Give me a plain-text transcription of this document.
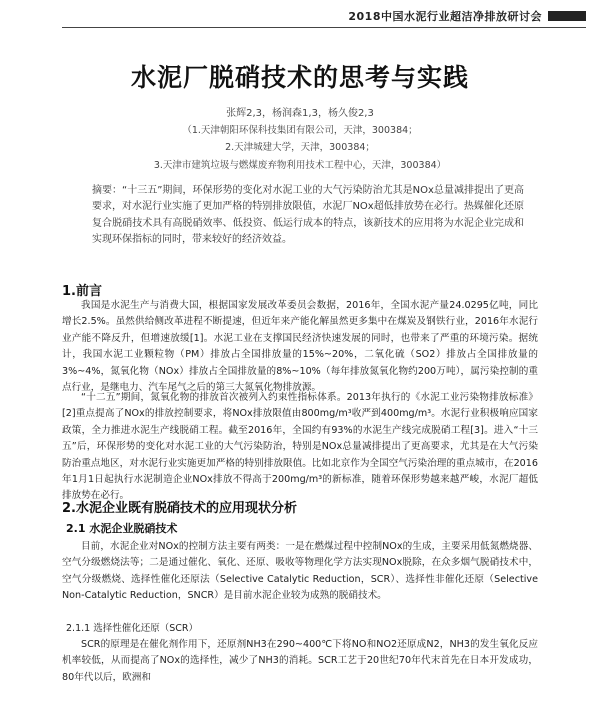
2018中国水泥行业超洁净排放研讨会
水泥厂脱硝技术的思考与实践
张辉2,3，杨润森1,3，杨久俊2,3
（1.天津朝阳环保科技集团有限公司，天津，300384；
2.天津城建大学，天津，300384；
3.天津市建筑垃圾与燃煤废弃物利用技术工程中心，天津，300384）
摘要：“十三五”期间，环保形势的变化对水泥工业的大气污染防治尤其是NOx总量减排提出了更高要求，对水泥行业实施了更加严格的特别排放限值，水泥厂NOx超低排放势在必行。热媒催化还原复合脱硝技术具有高脱硝效率、低投资、低运行成本的特点，该新技术的应用将为水泥企业完成和实现环保指标的同时，带来较好的经济效益。
1.前言
我国是水泥生产与消费大国，根据国家发展改革委员会数据，2016年，全国水泥产量24.0295亿吨，同比增长2.5%。虽然供给侧改革进程不断提速，但近年来产能化解虽然更多集中在煤炭及钢铁行业，2016年水泥行业产能不降反升，但增速放缓[1]。水泥工业在支撑国民经济快速发展的同时，也带来了严重的环境污染。据统计，我国水泥工业颗粒物（PM）排放占全国排放量的15%~20%，二氧化硫（SO2）排放占全国排放量的3%~4%，氮氧化物（NOx）排放占全国排放量的8%~10%（每年排放氮氧化物约200万吨），属污染控制的重点行业，是继电力、汽车尾气之后的第三大氮氧化物排放源。
“十二五”期间，氮氧化物的排放首次被列入约束性指标体系。2013年执行的《水泥工业污染物排放标准》[2]重点提高了NOx的排放控制要求，将NOx排放限值由800mg/m³收严到400mg/m³。水泥行业积极响应国家政策，全力推进水泥生产线脱硝工程。截至2016年，全国约有93%的水泥生产线完成脱硝工程[3]。进入“十三五”后，环保形势的变化对水泥工业的大气污染防治，特别是NOx总量减排提出了更高要求，尤其是在大气污染防治重点地区，对水泥行业实施更加严格的特别排放限值。比如北京作为全国空气污染治理的重点城市，在2016年1月1日起执行水泥制造企业NOx排放不得高于200mg/m³的新标准，随着环保形势越来越严峻，水泥厂超低排放势在必行。
2.水泥企业既有脱硝技术的应用现状分析
2.1 水泥企业脱硝技术
目前，水泥企业对NOx的控制方法主要有两类：一是在燃煤过程中控制NOx的生成，主要采用低氮燃烧器、空气分级燃烧法等；二是通过催化、氧化、还原、吸收等物理化学方法实现NOx脱除，在众多烟气脱硝技术中，空气分级燃烧、选择性催化还原法（Selective Catalytic Reduction，SCR）、选择性非催化还原（Selective Non-Catalytic Reduction，SNCR）是目前水泥企业较为成熟的脱硝技术。
2.1.1 选择性催化还原（SCR）
SCR的原理是在催化剂作用下，还原剂NH3在290~400℃下将NO和NO2还原成N2，NH3的发生氧化反应机率较低，从而提高了NOx的选择性，减少了NH3的消耗。SCR工艺于20世纪70年代末首先在日本开发成功，80年代以后，欧洲和
